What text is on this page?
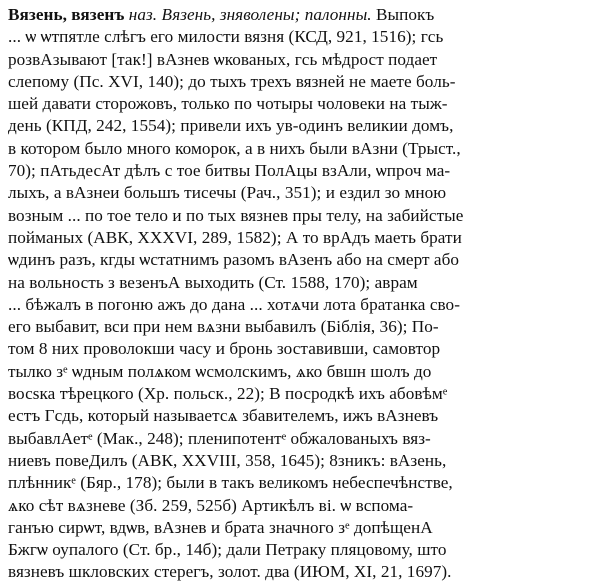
Вязень, вязенъ наз. Вязень, зняволены; палонны. Выпокъ
... ѡ ѡтпятле слѣгъ его милости вязня (КСД, 921, 1516); гсь
розвАзывают [так!] вАзнев ѡкованых, гсь мѣдрост подает
слепому (Пс. XVI, 140); до тыхъ трехъ вязней не маете боль-
шей давати сторожовъ, только по чотыры чоловеки на тыж-
день (КПД, 242, 1554); привели ихъ ув-одинъ великии домъ,
в котором было много коморок, а в нихъ были вАзни (Трыст.,
70); пАтьдесАт дѣлъ с тое битвы ПолАцы взАли, ѡпроч ма-
лыхъ, а вАзнеи большъ тисечы (Рач., 351); и ездил зо мною
возным ... по тое тело и по тых вязнев пры телу, на забийстые
пойманых (АВК, XXXVI, 289, 1582); А то врАдъ маеть брати
ѡдинъ разъ, кгды ѡстатнимъ разомъ вАзенъ або на смерт або
на вольность з везенъА выходить (Ст. 1588, 170); аврам
... бѣжалъ в погоню ажъ до дана ... хотѧчи лота братанка сво-
его выбавит, вси при нем вѧзни выбавилъ (Біблія, 36); По-
том 8 них проволокши часу и бронь зоставивши, самовтор
тылко зᵉ ѡдным полѧком ѡсмолскимъ, ѧко бвшн шолъ до
восѕка тѣрецкого (Хр. польск., 22); В посродкѣ ихъ абовѣмᵉ
естъ Гсдь, который называетсѧ збавителемъ, ижъ вАзневъ
выбавлАетᵉ (Мак., 248); пленипотентᵉ обжалованыхъ вяз-
ниевъ повеДилъ (АВК, XXVIII, 358, 1645); 8зникъ: вАзень,
плѣнникᵉ (Бяр., 178); были в такъ великомъ небеспечѣнстве,
ѧко сѣт вѧзневе (Зб. 259, 525б) Артикѣлъ ві. ѡ вспома-
ганъю сирѡт, вдѡв, вАзнев и брата значного зᵉ допѣщенА
Бжгѡ оупалого (Ст. бр., 14б); дали Петраку пляцовому, што
вязневъ шкловских стерегъ, золот. два (ИЮМ, XI, 21, 1697).
